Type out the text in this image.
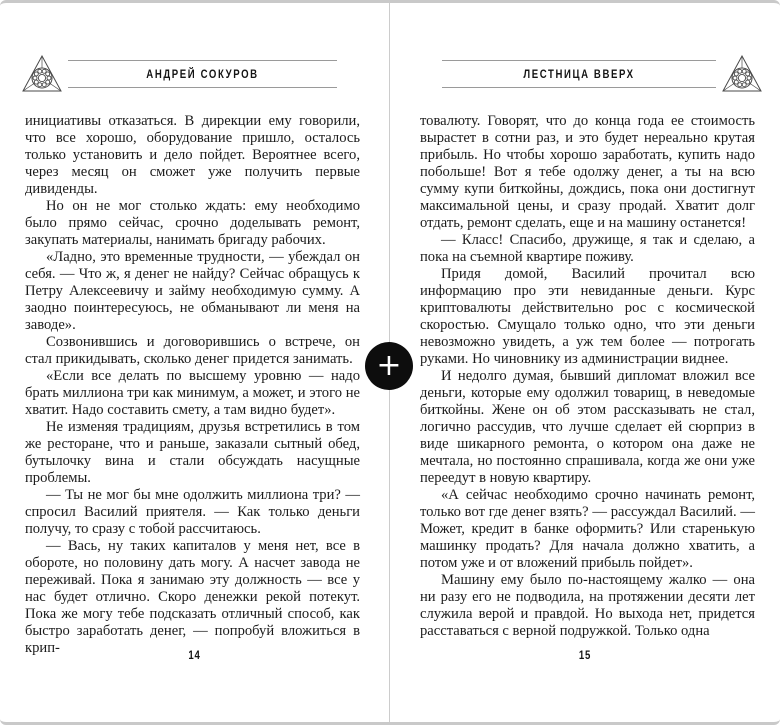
АНДРЕЙ СОКУРОВ

инициативы отказаться. В дирекции ему говорили, что все хорошо, оборудование пришло, осталось только установить и дело пойдет. Вероятнее всего, через месяц он сможет уже получить первые дивиденды.

Но он не мог столько ждать: ему необходимо было прямо сейчас, срочно доделывать ремонт, закупать материалы, нанимать бригаду рабочих.

«Ладно, это временные трудности, — убеждал он себя. — Что ж, я денег не найду? Сейчас обращусь к Петру Алексеевичу и займу необходимую сумму. А заодно поинтересуюсь, не обманывают ли меня на заводе».

Созвонившись и договорившись о встрече, он стал прикидывать, сколько денег придется занимать.

«Если все делать по высшему уровню — надо брать миллиона три как минимум, а может, и этого не хватит. Надо составить смету, а там видно будет».

Не изменяя традициям, друзья встретились в том же ресторане, что и раньше, заказали сытный обед, бутылочку вина и стали обсуждать насущные проблемы.

— Ты не мог бы мне одолжить миллиона три? — спросил Василий приятеля. — Как только деньги получу, то сразу с тобой рассчитаюсь.

— Вась, ну таких капиталов у меня нет, все в обороте, но половину дать могу. А насчет завода не переживай. Пока я занимаю эту должность — все у нас будет отлично. Скоро денежки рекой потекут. Пока же могу тебе подсказать отличный способ, как быстро заработать денег, — попробуй вложиться в крип-	14
ЛЕСТНИЦА ВВЕРХ

товалюту. Говорят, что до конца года ее стоимость вырастет в сотни раз, и это будет нереально крутая прибыль. Но чтобы хорошо заработать, купить надо побольше! Вот я тебе одолжу денег, а ты на всю сумму купи биткойны, дождись, пока они достигнут максимальной цены, и сразу продай. Хватит долг отдать, ремонт сделать, еще и на машину останется!

— Класс! Спасибо, дружище, я так и сделаю, а пока на съемной квартире поживу.

Придя домой, Василий прочитал всю информацию про эти невиданные деньги. Курс криптовалюты действительно рос с космической скоростью. Смущало только одно, что эти деньги невозможно увидеть, а уж тем более — потрогать руками. Но чиновнику из администрации виднее.

И недолго думая, бывший дипломат вложил все деньги, которые ему одолжил товарищ, в неведомые биткойны. Жене он об этом рассказывать не стал, логично рассудив, что лучше сделает ей сюрприз в виде шикарного ремонта, о котором она даже не мечтала, но постоянно спрашивала, когда же они уже переедут в новую квартиру.

«А сейчас необходимо срочно начинать ремонт, только вот где денег взять? — рассуждал Василий. — Может, кредит в банке оформить? Или старенькую машинку продать? Для начала должно хватить, а потом уже и от вложений прибыль пойдет».

Машину ему было по-настоящему жалко — она ни разу его не подводила, на протяжении десяти лет служила верой и правдой. Но выхода нет, придется расставаться с верной подружкой. Только одна

15
+
